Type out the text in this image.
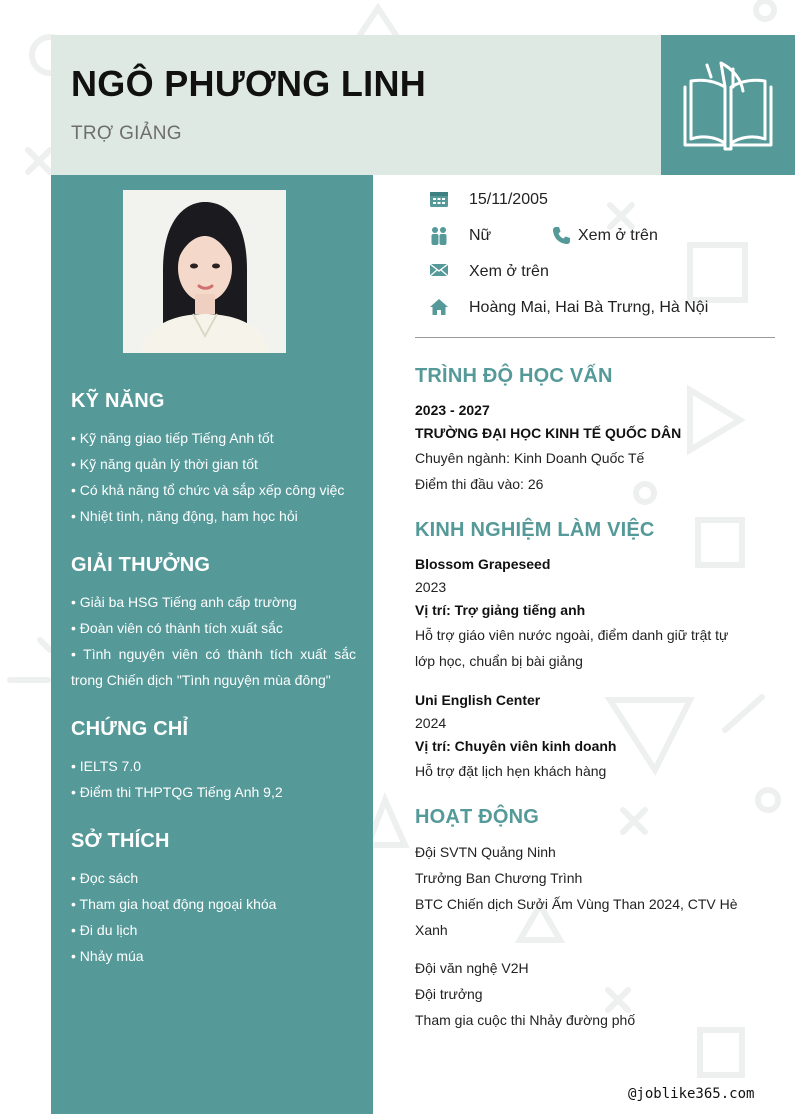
NGÔ PHƯƠNG LINH
TRỢ GIẢNG
KỸ NĂNG
• Kỹ năng giao tiếp Tiếng Anh tốt
• Kỹ năng quản lý thời gian tốt
• Có khả năng tổ chức và sắp xếp công việc
• Nhiệt tình, năng động, ham học hỏi
GIẢI THƯỞNG
• Giải ba HSG Tiếng anh cấp trường
• Đoàn viên có thành tích xuất sắc
• Tình nguyện viên có thành tích xuất sắc trong Chiến dịch "Tình nguyện mùa đông"
CHỨNG CHỈ
• IELTS 7.0
• Điểm thi THPTQG Tiếng Anh 9,2
SỞ THÍCH
• Đọc sách
• Tham gia hoạt động ngoại khóa
• Đi du lịch
• Nhảy múa
15/11/2005
Nữ	Xem ở trên
Xem ở trên
Hoàng Mai, Hai Bà Trưng, Hà Nội
TRÌNH ĐỘ HỌC VẤN
2023 - 2027
TRƯỜNG ĐẠI HỌC KINH TẾ QUỐC DÂN
Chuyên ngành: Kinh Doanh Quốc Tế
Điểm thi đầu vào: 26
KINH NGHIỆM LÀM VIỆC
Blossom Grapeseed
2023
Vị trí: Trợ giảng tiếng anh
Hỗ trợ giáo viên nước ngoài, điểm danh giữ trật tự
lớp học, chuẩn bị bài giảng
Uni English Center
2024
Vị trí: Chuyên viên kinh doanh
Hỗ trợ đặt lịch hẹn khách hàng
HOẠT ĐỘNG
Đội SVTN Quảng Ninh
Trưởng Ban Chương Trình
BTC Chiến dịch Sưởi Ấm Vùng Than 2024, CTV Hè
Xanh
Đội văn nghệ V2H
Đội trưởng
Tham gia cuộc thi Nhảy đường phố
@joblike365.com
